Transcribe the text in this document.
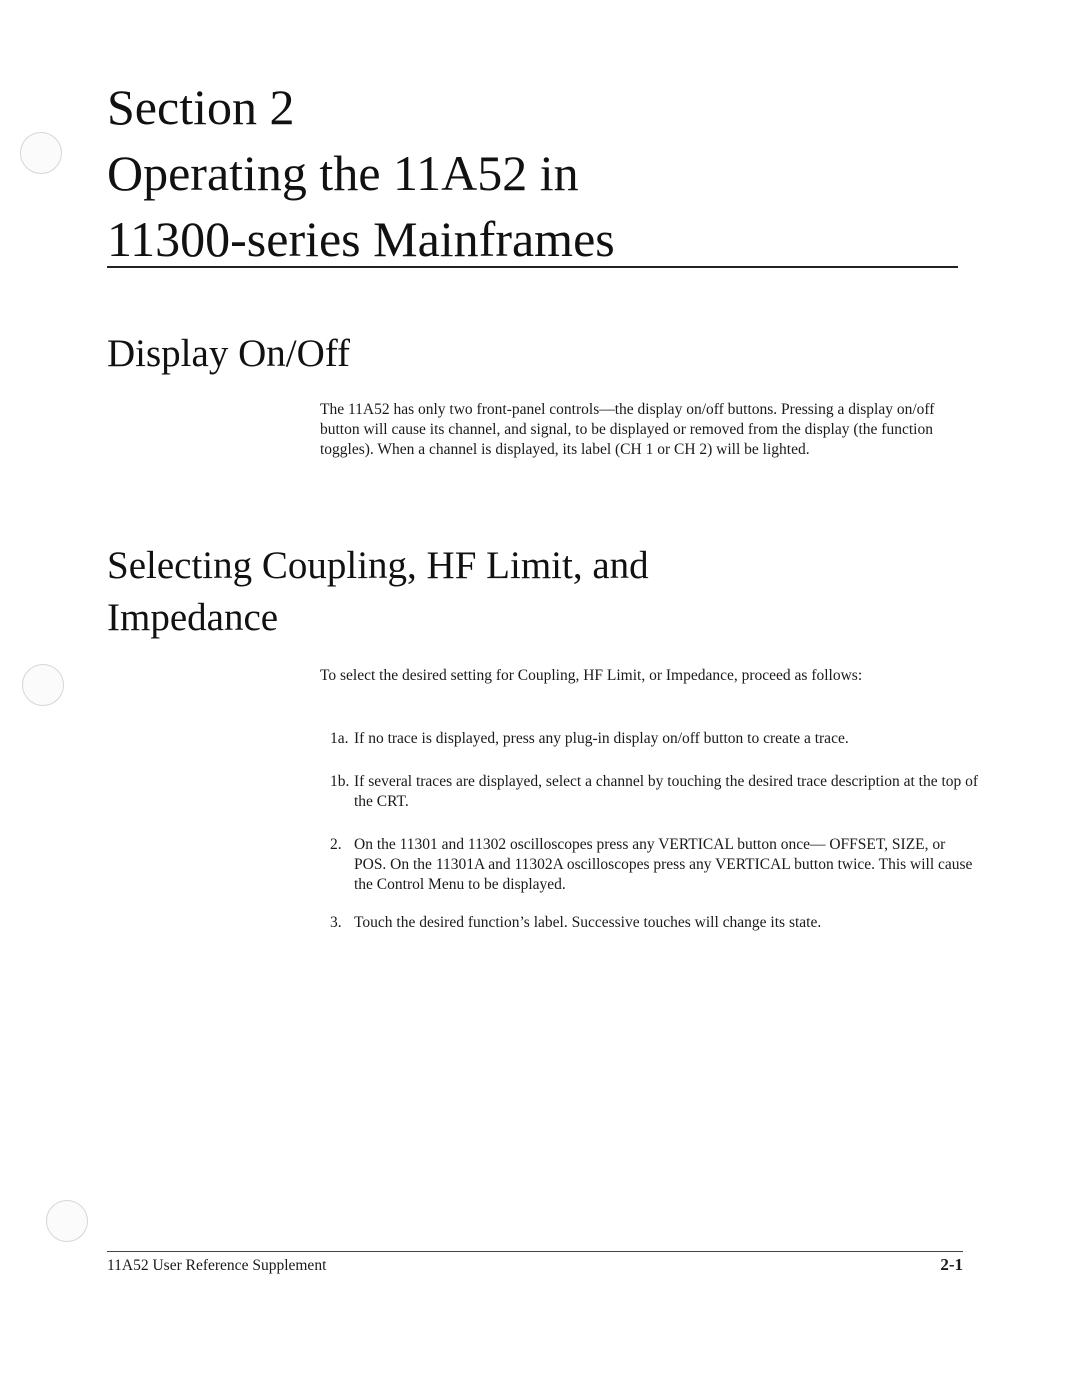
Section 2
Operating the 11A52 in
11300-series Mainframes
Display On/Off

The 11A52 has only two front-panel controls—the display on/off buttons. Pressing a display on/off button will cause its channel, and signal, to be displayed or removed from the display (the function toggles). When a channel is displayed, its label (CH 1 or CH 2) will be lighted.

Selecting Coupling, HF Limit, and
Impedance

To select the desired setting for Coupling, HF Limit, or Impedance, proceed as follows:

1a. If no trace is displayed, press any plug-in display on/off button to create a trace.
1b. If several traces are displayed, select a channel by touching the desired trace description at the top of the CRT.
2. On the 11301 and 11302 oscilloscopes press any VERTICAL button once— OFFSET, SIZE, or POS. On the 11301A and 11302A oscilloscopes press any VERTICAL button twice. This will cause the Control Menu to be displayed.
3. Touch the desired function’s label. Successive touches will change its state.
11A52 User Reference Supplement	2-1
